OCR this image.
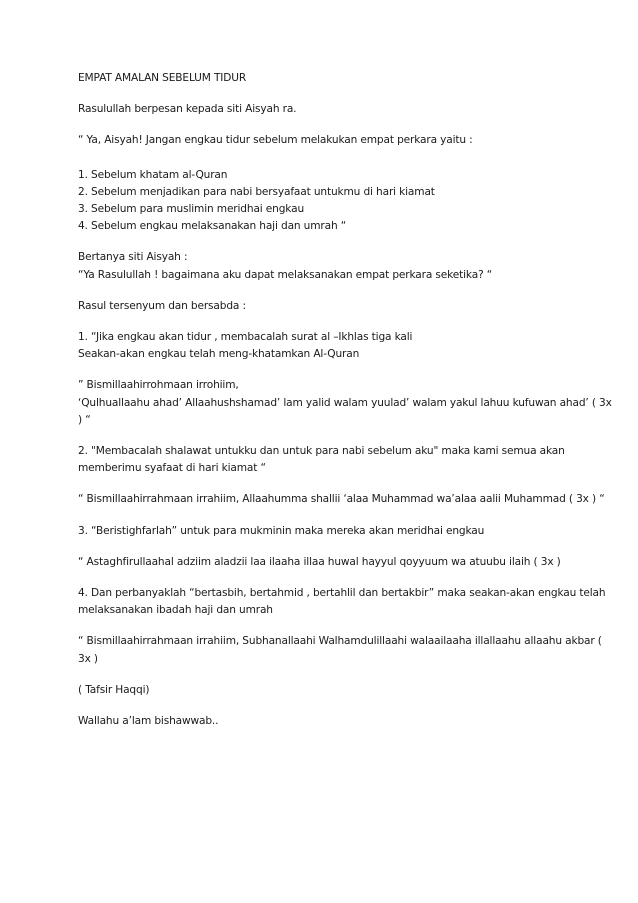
EMPAT AMALAN SEBELUM TIDUR

Rasulullah berpesan kepada siti Aisyah ra.

“ Ya, Aisyah! Jangan engkau tidur sebelum melakukan empat perkara yaitu :
1. Sebelum khatam al-Quran
2. Sebelum menjadikan para nabi bersyafaat untukmu di hari kiamat
3. Sebelum para muslimin meridhai engkau
4. Sebelum engkau melaksanakan haji dan umrah “

Bertanya siti Aisyah :
“Ya Rasulullah ! bagaimana aku dapat melaksanakan empat perkara seketika? “

Rasul tersenyum dan bersabda :

1. “Jika engkau akan tidur , membacalah surat al –Ikhlas tiga kali
Seakan-akan engkau telah meng-khatamkan Al-Quran

” Bismillaahirrohmaan irrohiim,
‘Qulhuallaahu ahad’ Allaahushshamad’ lam yalid walam yuulad’ walam yakul lahuu kufuwan ahad’ ( 3x
) “

2. "Membacalah shalawat untukku dan untuk para nabi sebelum aku" maka kami semua akan
memberimu syafaat di hari kiamat “

“ Bismillaahirrahmaan irrahiim, Allaahumma shallii ‘alaa Muhammad wa’alaa aalii Muhammad ( 3x ) “

3. “Beristighfarlah” untuk para mukminin maka mereka akan meridhai engkau

“ Astaghfirullaahal adziim aladzii laa ilaaha illaa huwal hayyul qoyyuum wa atuubu ilaih ( 3x )

4. Dan perbanyaklah “bertasbih, bertahmid , bertahlil dan bertakbir” maka seakan-akan engkau telah
melaksanakan ibadah haji dan umrah

“ Bismillaahirrahmaan irrahiim, Subhanallaahi Walhamdulillaahi walaailaaha illallaahu allaahu akbar (
3x )

( Tafsir Haqqi)

Wallahu a’lam bishawwab..
